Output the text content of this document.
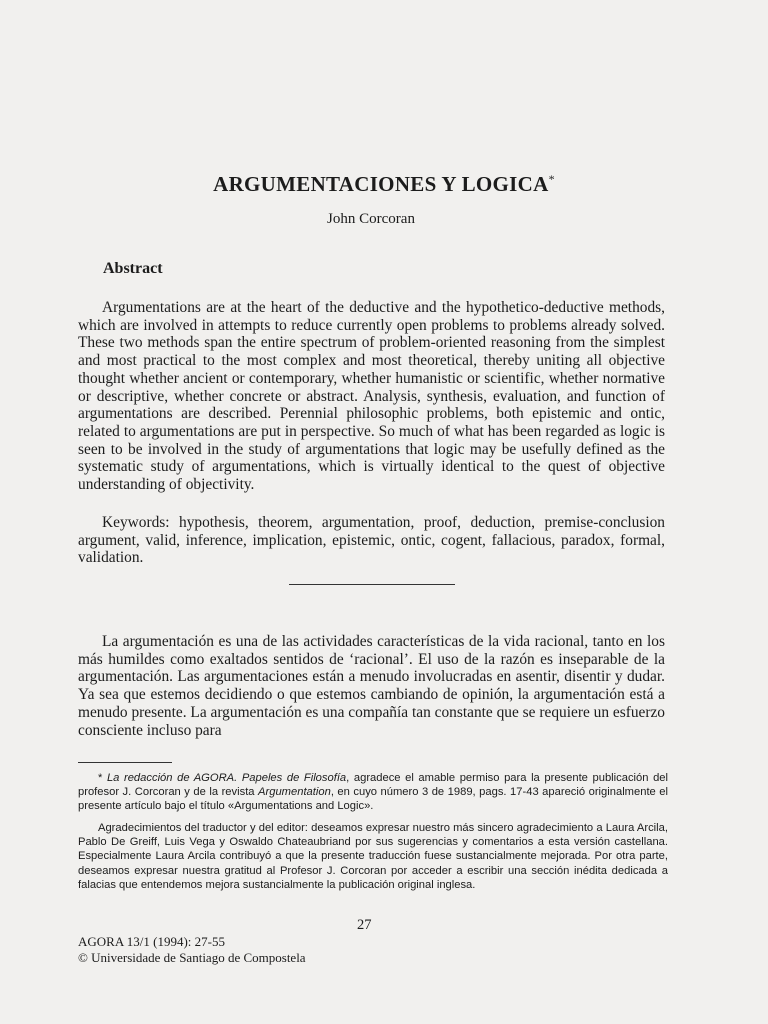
ARGUMENTACIONES Y LOGICA*
John Corcoran
Abstract

Argumentations are at the heart of the deductive and the hypothetico-deductive methods, which are involved in attempts to reduce currently open problems to problems already solved. These two methods span the entire spectrum of problem-oriented reasoning from the simplest and most practical to the most complex and most theoretical, thereby uniting all objective thought whether ancient or contemporary, whether humanistic or scientific, whether normative or descriptive, whether concrete or abstract. Analysis, synthesis, evaluation, and function of argumentations are described. Perennial philosophic problems, both epistemic and ontic, related to argumentations are put in perspective. So much of what has been regarded as logic is seen to be involved in the study of argumentations that logic may be usefully defined as the systematic study of argumentations, which is virtually identical to the quest of objective understanding of objectivity.

Keywords: hypothesis, theorem, argumentation, proof, deduction, premise-conclusion argument, valid, inference, implication, epistemic, ontic, cogent, fallacious, paradox, formal, validation.

La argumentación es una de las actividades características de la vida racional, tanto en los más humildes como exaltados sentidos de ‘racional’. El uso de la razón es inseparable de la argumentación. Las argumentaciones están a menudo involucradas en asentir, disentir y dudar. Ya sea que estemos decidiendo o que estemos cambiando de opinión, la argumentación está a menudo presente. La argumentación es una compañía tan constante que se requiere un esfuerzo consciente incluso para

* La redacción de AGORA. Papeles de Filosofía, agradece el amable permiso para la presente publicación del profesor J. Corcoran y de la revista Argumentation, en cuyo número 3 de 1989, pags. 17-43 apareció originalmente el presente artículo bajo el título «Argumentations and Logic».

Agradecimientos del traductor y del editor: deseamos expresar nuestro más sincero agradecimiento a Laura Arcila, Pablo De Greiff, Luis Vega y Oswaldo Chateaubriand por sus sugerencias y comentarios a esta versión castellana. Especialmente Laura Arcila contribuyó a que la presente traducción fuese sustancialmente mejorada. Por otra parte, deseamos expresar nuestra gratitud al Profesor J. Corcoran por acceder a escribir una sección inédita dedicada a falacias que entendemos mejora sustancialmente la publicación original inglesa.

27
AGORA 13/1 (1994): 27-55
© Universidade de Santiago de Compostela
